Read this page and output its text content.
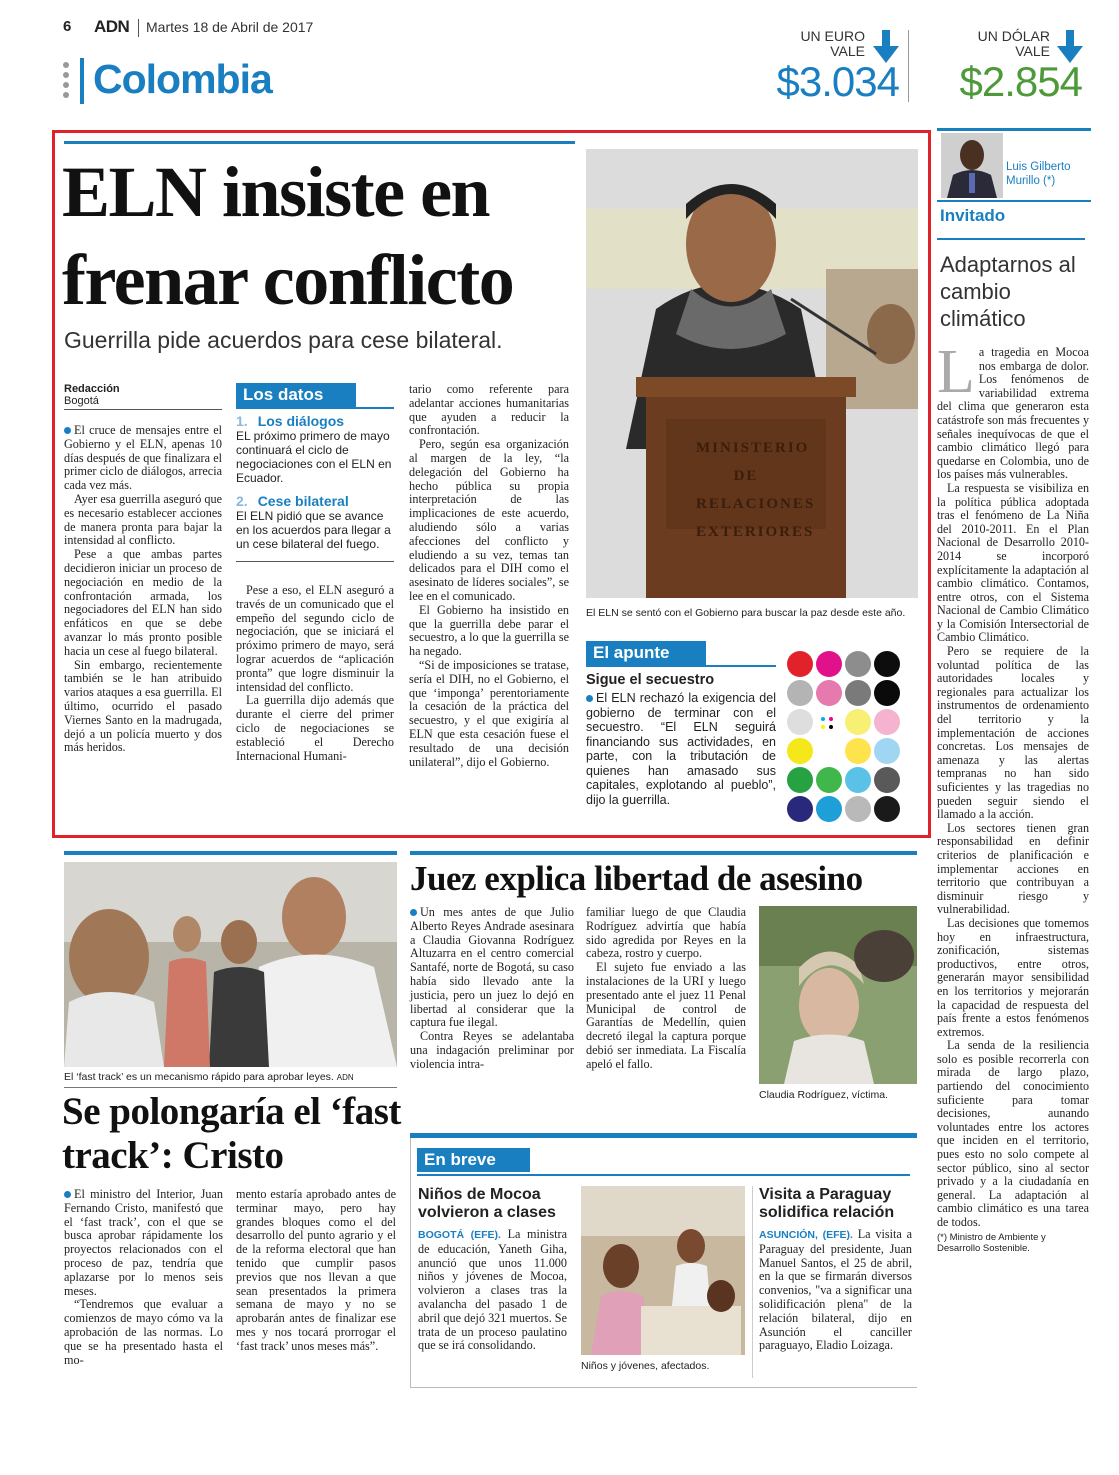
6 ADN Martes 18 de Abril de 2017
Colombia
UN EURO
VALE
$3.034
UN DÓLAR
VALE
$2.854
ELN insiste en frenar conflicto
Guerrilla pide acuerdos para cese bilateral.
Redacción
Bogotá

El cruce de mensajes entre el Gobierno y el ELN, apenas 10 días después de que finalizara el primer ciclo de diálogos, arrecia cada vez más.

Ayer esa guerrilla aseguró que es necesario establecer acciones de manera pronta para bajar la intensidad al conflicto.

Pese a que ambas partes decidieron iniciar un proceso de negociación en medio de la confrontación armada, los negociadores del ELN han sido enfáticos en que se debe avanzar lo más pronto posible hacia un cese al fuego bilateral.

Sin embargo, recientemente también se le han atribuido varios ataques a esa guerrilla. El último, ocurrido el pasado Viernes Santo en la madrugada, dejó a un policía muerto y dos más heridos.

Los datos
1. Los diálogos
EL próximo primero de mayo continuará el ciclo de negociaciones con el ELN en Ecuador.
2. Cese bilateral
El ELN pidió que se avance en los acuerdos para llegar a un cese bilateral del fuego.

Pese a eso, el ELN aseguró a través de un comunicado que el empeño del segundo ciclo de negociación, que se iniciará el próximo primero de mayo, será lograr acuerdos de “aplicación pronta” que logre disminuir la intensidad del conflicto.

La guerrilla dijo además que durante el cierre del primer ciclo de negociaciones se estableció el Derecho Internacional Humani-

tario como referente para adelantar acciones humanitarias que ayuden a reducir la confrontación.

Pero, según esa organización al margen de la ley, “la delegación del Gobierno ha hecho pública su propia interpretación de las implicaciones de este acuerdo, aludiendo sólo a varias afecciones del conflicto y eludiendo a su vez, temas tan delicados para el DIH como el asesinato de líderes sociales”, se lee en el comunicado.

El Gobierno ha insistido en que la guerrilla debe parar el secuestro, a lo que la guerrilla se ha negado.

“Si de imposiciones se tratase, sería el DIH, no el Gobierno, el que ‘imponga’ perentoriamente la cesación de la práctica del secuestro, y el que exigiría al ELN que esta cesación fuese el resultado de una decisión unilateral”, dijo el Gobierno.

MINISTERIO DE RELACIONES EXTERIORES
El ELN se sentó con el Gobierno para buscar la paz desde este año.
El apunte
Sigue el secuestro
El ELN rechazó la exigencia del gobierno de terminar con el secuestro. “El ELN seguirá financiando sus actividades, en parte, con la tributación de quienes han amasado sus capitales, explotando al pueblo”, dijo la guerrilla.
Luis Gilberto Murillo (*)
Invitado
Adaptarnos al cambio climático

La tragedia en Mocoa nos embarga de dolor. Los fenómenos de variabilidad extrema del clima que generaron esta catástrofe son más frecuentes y señales inequívocas de que el cambio climático llegó para quedarse en Colombia, uno de los países más vulnerables.

La respuesta se visibiliza en la política pública adoptada tras el fenómeno de La Niña del 2010-2011. En el Plan Nacional de Desarrollo 2010-2014 se incorporó explícitamente la adaptación al cambio climático. Contamos, entre otros, con el Sistema Nacional de Cambio Climático y la Comisión Intersectorial de Cambio Climático.

Pero se requiere de la voluntad política de las autoridades locales y regionales para actualizar los instrumentos de ordenamiento del territorio y la implementación de acciones concretas. Los mensajes de amenaza y las alertas tempranas no han sido suficientes y las tragedias no pueden seguir siendo el llamado a la acción.

Los sectores tienen gran responsabilidad en definir criterios de planificación e implementar acciones en territorio que contribuyan a disminuir riesgo y vulnerabilidad.

Las decisiones que tomemos hoy en infraestructura, zonificación, sistemas productivos, entre otros, generarán mayor sensibilidad en los territorios y mejorarán la capacidad de respuesta del país frente a estos fenómenos extremos.

La senda de la resiliencia solo es posible recorrerla con mirada de largo plazo, partiendo del conocimiento suficiente para tomar decisiones, aunando voluntades entre los actores que inciden en el territorio, pues esto no solo compete al sector público, sino al sector privado y a la ciudadanía en general. La adaptación al cambio climático es una tarea de todos.

(*) Ministro de Ambiente y Desarrollo Sostenible.
El ‘fast track’ es un mecanismo rápido para aprobar leyes. ADN
Se polongaría el ‘fast track’: Cristo

El ministro del Interior, Juan Fernando Cristo, manifestó que el ‘fast track’, con el que se busca aprobar rápidamente los proyectos relacionados con el proceso de paz, tendría que aplazarse por lo menos seis meses.

“Tendremos que evaluar a comienzos de mayo cómo va la aprobación de las normas. Lo que se ha presentado hasta el mo-

mento estaría aprobado antes de terminar mayo, pero hay grandes bloques como el del desarrollo del punto agrario y el de la reforma electoral que han tenido que cumplir pasos previos que nos llevan a que sean presentados la primera semana de mayo y no se aprobarán antes de finalizar ese mes y nos tocará prorrogar el ‘fast track’ unos meses más”.

Juez explica libertad de asesino

Un mes antes de que Julio Alberto Reyes Andrade asesinara a Claudia Giovanna Rodríguez Altuzarra en el centro comercial Santafé, norte de Bogotá, su caso había sido llevado ante la justicia, pero un juez lo dejó en libertad al considerar que la captura fue ilegal.

Contra Reyes se adelantaba una indagación preliminar por violencia intra-

familiar luego de que Claudia Rodríguez advirtía que había sido agredida por Reyes en la cabeza, rostro y cuerpo.

El sujeto fue enviado a las instalaciones de la URI y luego presentado ante el juez 11 Penal Municipal de control de Garantías de Medellín, quien decretó ilegal la captura porque debió ser inmediata. La Fiscalía apeló el fallo.

Claudia Rodríguez, víctima.
En breve
Niños de Mocoa volvieron a clases

BOGOTÁ (EFE). La ministra de educación, Yaneth Giha, anunció que unos 11.000 niños y jóvenes de Mocoa, volvieron a clases tras la avalancha del pasado 1 de abril que dejó 321 muertos. Se trata de un proceso paulatino que se irá consolidando.

Niños y jóvenes, afectados.
Visita a Paraguay solidifica relación

ASUNCIÓN, (EFE). La visita a Paraguay del presidente, Juan Manuel Santos, el 25 de abril, en la que se firmarán diversos convenios, "va a significar una solidificación plena" de la relación bilateral, dijo en Asunción el canciller paraguayo, Eladio Loizaga.
